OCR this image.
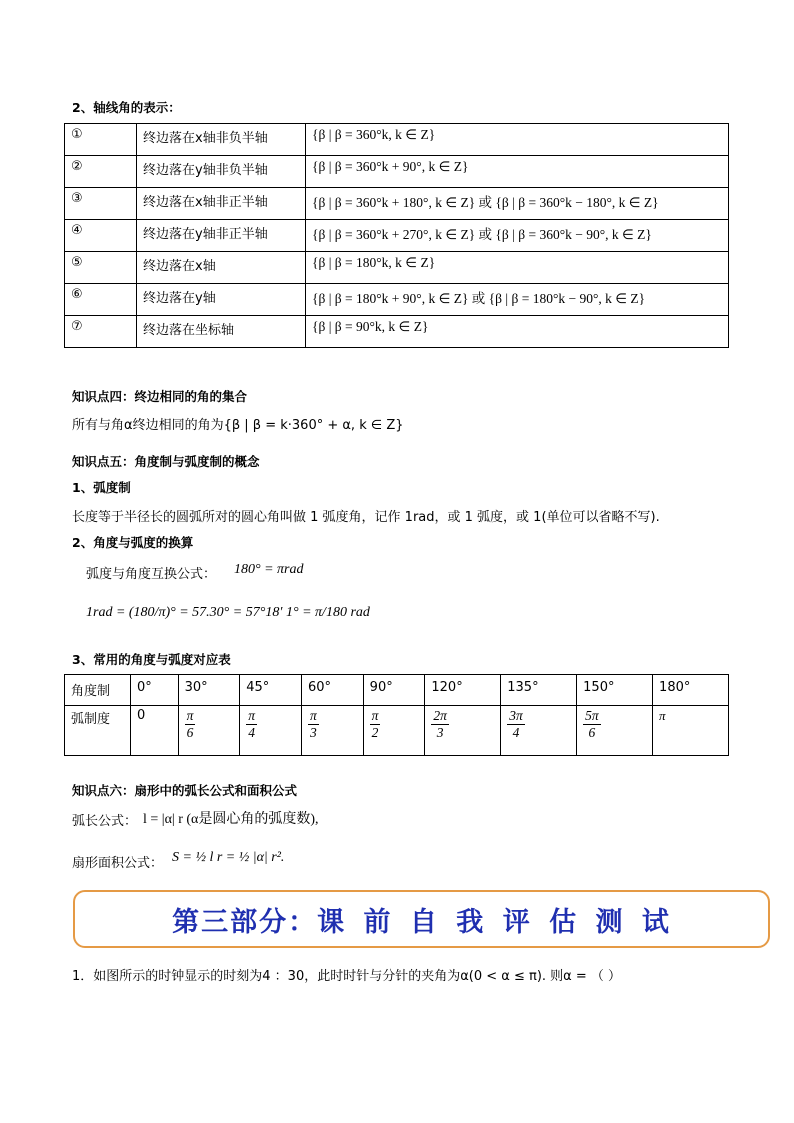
2、轴线角的表示：
①	终边落在x轴非负半轴	{β | β = 360°k, k ∈ Z}
②	终边落在y轴非负半轴	{β | β = 360°k + 90°, k ∈ Z}
③	终边落在x轴非正半轴	{β | β = 360°k + 180°, k ∈ Z} 或 {β | β = 360°k − 180°, k ∈ Z}
④	终边落在y轴非正半轴	{β | β = 360°k + 270°, k ∈ Z} 或 {β | β = 360°k − 90°, k ∈ Z}
⑤	终边落在x轴	{β | β = 180°k, k ∈ Z}
⑥	终边落在y轴	{β | β = 180°k + 90°, k ∈ Z} 或 {β | β = 180°k − 90°, k ∈ Z}
⑦	终边落在坐标轴	{β | β = 90°k, k ∈ Z}
知识点四：终边相同的角的集合
所有与角α终边相同的角为{β | β = k·360° + α, k ∈ Z}
知识点五：角度制与弧度制的概念
1、弧度制
长度等于半径长的圆弧所对的圆心角叫做 1 弧度角，记作 1rad，或 1 弧度，或 1(单位可以省略不写).
2、角度与弧度的换算
弧度与角度互换公式： 180° = πrad
1rad = (180/π)° = 57.30° = 57°18′ 1° = π/180 rad
3、常用的角度与弧度对应表
角度制	0°	30°	45°	60°	90°	120°	135°	150°	180°
弧制度	0	$\frac{\pi}{6}$	$\frac{\pi}{4}$	$\frac{\pi}{3}$	$\frac{\pi}{2}$	$\frac{2\pi}{3}$	$\frac{3\pi}{4}$	$\frac{5\pi}{6}$	π
知识点六：扇形中的弧长公式和面积公式
弧长公式： l = |α| r (α是圆心角的弧度数),
扇形面积公式： S = ½ l r = ½ |α| r².
第三部分：课 前 自 我 评 估 测 试
1．如图所示的时钟显示的时刻为4 ：30，此时时针与分针的夹角为α(0 < α ≤ π). 则α = （ ）
